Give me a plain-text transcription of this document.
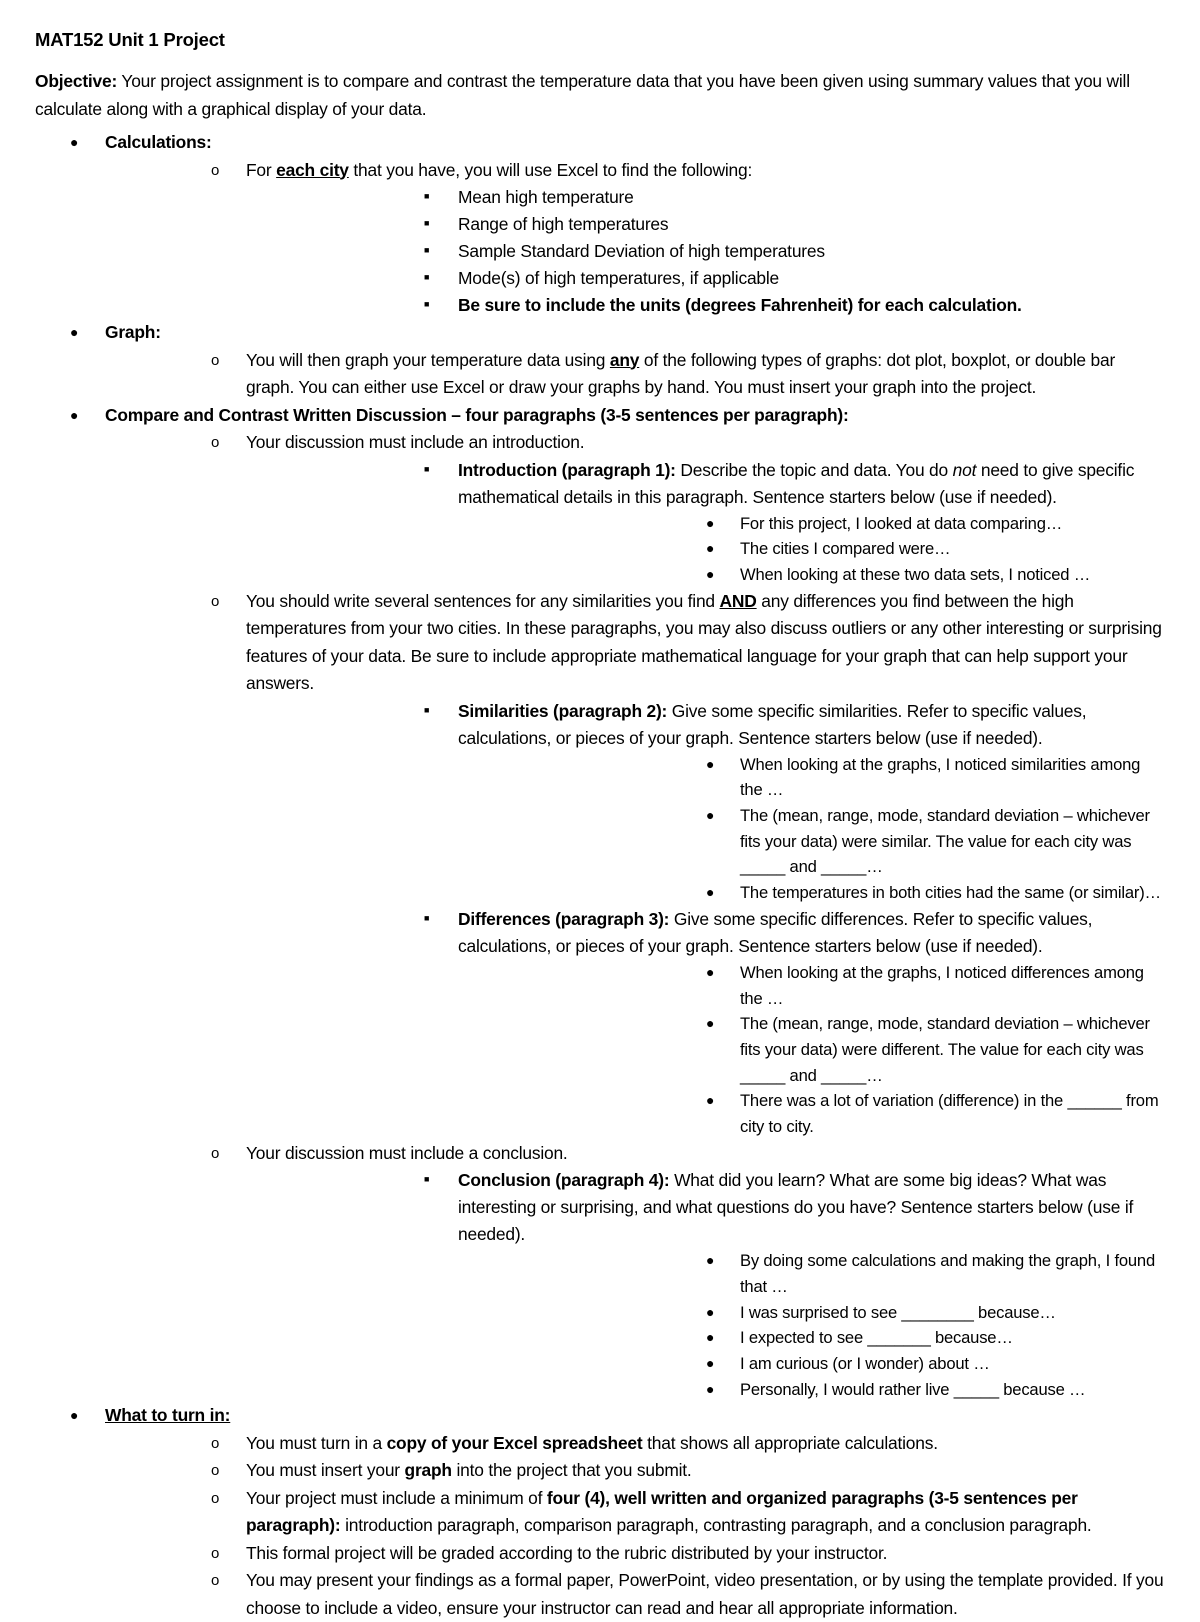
MAT152 Unit 1 Project

Objective: Your project assignment is to compare and contrast the temperature data that you have been given using summary values that you will calculate along with a graphical display of your data.

●
Calculations:
o
For each city that you have, you will use Excel to find the following:
■
Mean high temperature
■
Range of high temperatures
■
Sample Standard Deviation of high temperatures
■
Mode(s) of high temperatures, if applicable
■
Be sure to include the units (degrees Fahrenheit) for each calculation.
●
Graph:
o
You will then graph your temperature data using any of the following types of graphs: dot plot, boxplot, or double bar graph. You can either use Excel or draw your graphs by hand. You must insert your graph into the project.
●
Compare and Contrast Written Discussion – four paragraphs (3-5 sentences per paragraph):
o
Your discussion must include an introduction.
■
Introduction (paragraph 1): Describe the topic and data. You do not need to give specific mathematical details in this paragraph. Sentence starters below (use if needed).
●
For this project, I looked at data comparing…
●
The cities I compared were…
●
When looking at these two data sets, I noticed …
o
You should write several sentences for any similarities you find AND any differences you find between the high temperatures from your two cities. In these paragraphs, you may also discuss outliers or any other interesting or surprising features of your data. Be sure to include appropriate mathematical language for your graph that can help support your answers.
■
Similarities (paragraph 2): Give some specific similarities. Refer to specific values, calculations, or pieces of your graph. Sentence starters below (use if needed).
●
When looking at the graphs, I noticed similarities among the …
●
The (mean, range, mode, standard deviation – whichever fits your data) were similar. The value for each city was _____ and _____…
●
The temperatures in both cities had the same (or similar)…
■
Differences (paragraph 3): Give some specific differences. Refer to specific values, calculations, or pieces of your graph. Sentence starters below (use if needed).
●
When looking at the graphs, I noticed differences among the …
●
The (mean, range, mode, standard deviation – whichever fits your data) were different. The value for each city was _____ and _____…
●
There was a lot of variation (difference) in the ______ from city to city.
o
Your discussion must include a conclusion.
■
Conclusion (paragraph 4): What did you learn? What are some big ideas? What was interesting or surprising, and what questions do you have? Sentence starters below (use if needed).
●
By doing some calculations and making the graph, I found that …
●
I was surprised to see ________ because…
●
I expected to see _______ because…
●
I am curious (or I wonder) about …
●
Personally, I would rather live _____ because …
●
What to turn in:
o
You must turn in a copy of your Excel spreadsheet that shows all appropriate calculations.
o
You must insert your graph into the project that you submit.
o
Your project must include a minimum of four (4), well written and organized paragraphs (3-5 sentences per paragraph): introduction paragraph, comparison paragraph, contrasting paragraph, and a conclusion paragraph.
o
This formal project will be graded according to the rubric distributed by your instructor.
o
You may present your findings as a formal paper, PowerPoint, video presentation, or by using the template provided. If you choose to include a video, ensure your instructor can read and hear all appropriate information.
